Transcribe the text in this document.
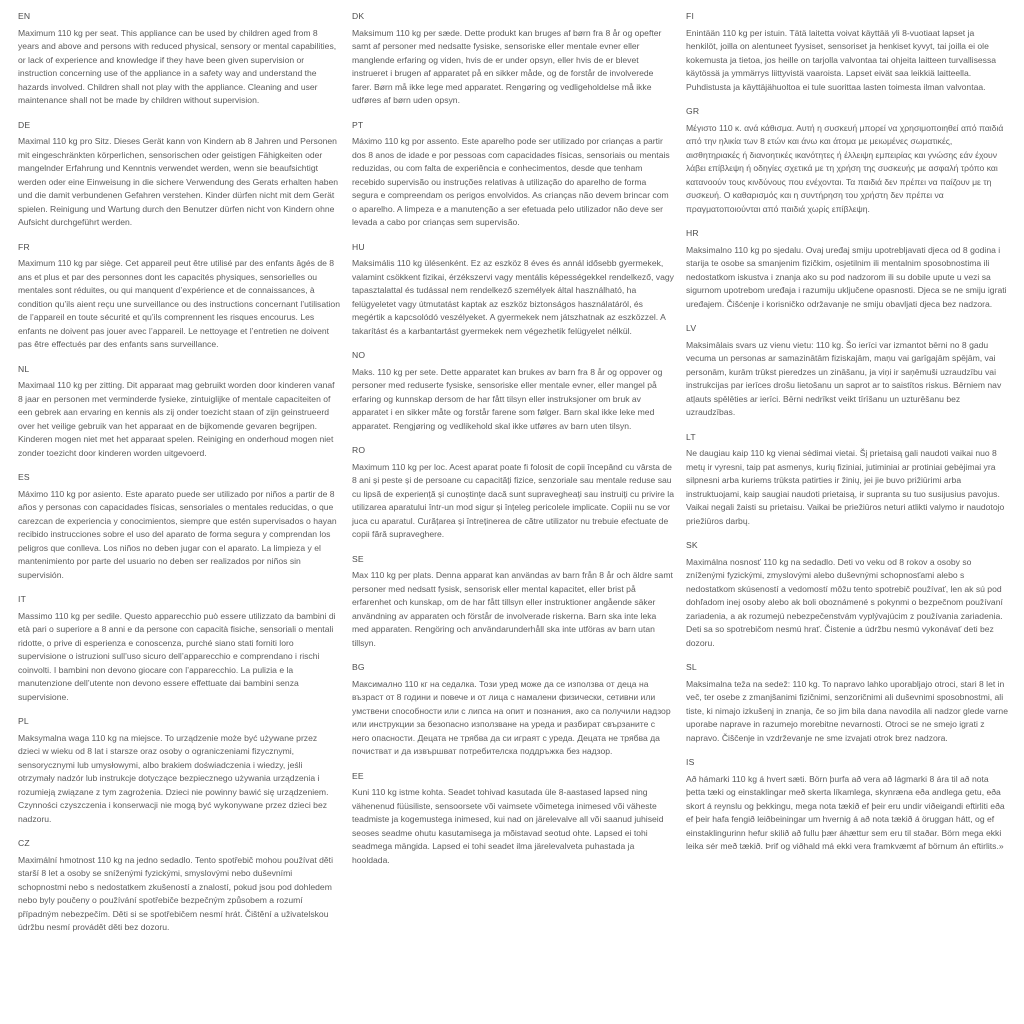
EN

Maximum 110 kg per seat. This appliance can be used by children aged from 8 years and above and persons with reduced physical, sensory or mental capabilities, or lack of experience and knowledge if they have been given supervision or instruction concerning use of the appliance in a safety way and understand the hazards involved. Children shall not play with the appliance. Cleaning and user maintenance shall not be made by children without supervision.

DE

Maximal 110 kg pro Sitz. Dieses Gerät kann von Kindern ab 8 Jahren und Personen mit eingeschränkten körperlichen, sensorischen oder geistigen Fähigkeiten oder mangelnder Erfahrung und Kenntnis verwendet werden, wenn sie beaufsichtigt werden oder eine Einweisung in die sichere Verwendung des Gerats erhalten haben und die damit verbundenen Gefahren verstehen. Kinder dürfen nicht mit dem Gerät spielen. Reinigung und Wartung durch den Benutzer dürfen nicht von Kindern ohne Aufsicht durchgeführt werden.

FR

Maximum 110 kg par siège. Cet appareil peut être utilisé par des enfants âgés de 8 ans et plus et par des personnes dont les capacités physiques, sensorielles ou mentales sont réduites, ou qui manquent d’expérience et de connaissances, à condition qu’ils aient reçu une surveillance ou des instructions concernant l’utilisation de l’appareil en toute sécurité et qu’ils comprennent les risques encourus. Les enfants ne doivent pas jouer avec l’appareil. Le nettoyage et l’entretien ne doivent pas être effectués par des enfants sans surveillance.

NL

Maximaal 110 kg per zitting. Dit apparaat mag gebruikt worden door kinderen vanaf 8 jaar en personen met verminderde fysieke, zintuiglijke of mentale capaciteiten of een gebrek aan ervaring en kennis als zij onder toezicht staan of zijn geinstrueerd over het veilige gebruik van het apparaat en de bijkomende gevaren begrijpen. Kinderen mogen niet met het apparaat spelen. Reiniging en onderhoud mogen niet zonder toezicht door kinderen worden uitgevoerd.

ES

Máximo 110 kg por asiento. Este aparato puede ser utilizado por niños a partir de 8 años y personas con capacidades físicas, sensoriales o mentales reducidas, o que carezcan de experiencia y conocimientos, siempre que estén supervisados o hayan recibido instrucciones sobre el uso del aparato de forma segura y comprendan los peligros que conlleva. Los niños no deben jugar con el aparato. La limpieza y el mantenimiento por parte del usuario no deben ser realizados por niños sin supervisión.

IT

Massimo 110 kg per sedile. Questo apparecchio può essere utilizzato da bambini di età pari o superiore a 8 anni e da persone con capacità fisiche, sensoriali o mentali ridotte, o prive di esperienza e conoscenza, purché siano stati forniti loro supervisione o istruzioni sull’uso sicuro dell’apparecchio e comprendano i rischi coinvolti. I bambini non devono giocare con l’apparecchio. La pulizia e la manutenzione dell’utente non devono essere effettuate dai bambini senza supervisione.

PL

Maksymalna waga 110 kg na miejsce. To urządzenie może być używane przez dzieci w wieku od 8 lat i starsze oraz osoby o ograniczeniami fizycznymi, sensorycznymi lub umysłowymi, albo brakiem doświadczenia i wiedzy, jeśli otrzymały nadzór lub instrukcje dotyczące bezpiecznego używania urządzenia i rozumieją związane z tym zagrożenia. Dzieci nie powinny bawić się urządzeniem. Czynności czyszczenia i konserwacji nie mogą być wykonywane przez dzieci bez nadzoru.

CZ

Maximální hmotnost 110 kg na jedno sedadlo. Tento spotřebič mohou používat děti starší 8 let a osoby se sníženými fyzickými, smyslovými nebo duševními schopnostmi nebo s nedostatkem zkušeností a znalostí, pokud jsou pod dohledem nebo byly poučeny o používání spotřebiče bezpečným způsobem a rozumí případným nebezpečím. Děti si se spotřebičem nesmí hrát. Čištění a uživatelskou údržbu nesmí provádět děti bez dozoru.

DK

Maksimum 110 kg per sæde. Dette produkt kan bruges af børn fra 8 år og opefter samt af personer med nedsatte fysiske, sensoriske eller mentale evner eller manglende erfaring og viden, hvis de er under opsyn, eller hvis de er blevet instrueret i brugen af apparatet på en sikker måde, og de forstår de involverede farer. Børn må ikke lege med apparatet. Rengøring og vedligeholdelse må ikke udføres af børn uden opsyn.

PT

Máximo 110 kg por assento. Este aparelho pode ser utilizado por crianças a partir dos 8 anos de idade e por pessoas com capacidades físicas, sensoriais ou mentais reduzidas, ou com falta de experiência e conhecimentos, desde que tenham recebido supervisão ou instruções relativas à utilização do aparelho de forma segura e compreendam os perigos envolvidos. As crianças não devem brincar com o aparelho. A limpeza e a manutenção a ser efetuada pelo utilizador não deve ser levada a cabo por crianças sem supervisão.

HU

Maksimális 110 kg ülésenként. Ez az eszköz 8 éves és annál idősebb gyermekek, valamint csökkent fizikai, érzékszervi vagy mentális képességekkel rendelkező, vagy tapasztalattal és tudással nem rendelkező személyek által használható, ha felügyeletet vagy útmutatást kaptak az eszköz biztonságos használatáról, és megértik a kapcsolódó veszélyeket. A gyermekek nem játszhatnak az eszközzel. A takarítást és a karbantartást gyermekek nem végezhetik felügyelet nélkül.

NO

Maks. 110 kg per sete. Dette apparatet kan brukes av barn fra 8 år og oppover og personer med reduserte fysiske, sensoriske eller mentale evner, eller mangel på erfaring og kunnskap dersom de har fått tilsyn eller instruksjoner om bruk av apparatet i en sikker måte og forstår farene som følger. Barn skal ikke leke med apparatet. Rengjøring og vedlikehold skal ikke utføres av barn uten tilsyn.

RO

Maximum 110 kg per loc. Acest aparat poate fi folosit de copii începând cu vârsta de 8 ani și peste și de persoane cu capacități fizice, senzoriale sau mentale reduse sau cu lipsă de experiență și cunoștințe dacă sunt supravegheați sau instruiți cu privire la utilizarea aparatului într-un mod sigur și înțeleg pericolele implicate. Copiii nu se vor juca cu aparatul. Curățarea și întreținerea de către utilizator nu trebuie efectuate de copii fără supraveghere.

SE

Max 110 kg per plats. Denna apparat kan användas av barn från 8 år och äldre samt personer med nedsatt fysisk, sensorisk eller mental kapacitet, eller brist på erfarenhet och kunskap, om de har fått tillsyn eller instruktioner angående säker användning av apparaten och förstår de involverade riskerna. Barn ska inte leka med apparaten. Rengöring och användarunderhåll ska inte utföras av barn utan tillsyn.

BG

Максимално 110 кг на седалка. Този уред може да се използва от деца на възраст от 8 години и повече и от лица с намалени физически, сетивни или умствени способности или с липса на опит и познания, ако са получили надзор или инструкции за безопасно използване на уреда и разбират свързаните с него опасности. Децата не трябва да си играят с уреда. Децата не трябва да почистват и да извършват потребителска поддръжка без надзор.

EE

Kuni 110 kg istme kohta. Seadet tohivad kasutada üle 8-aastased lapsed ning vähenenud füüsiliste, sensoorsete või vaimsete võimetega inimesed või väheste teadmiste ja kogemustega inimesed, kui nad on järelevalve all või saanud juhiseid seoses seadme ohutu kasutamisega ja mõistavad seotud ohte. Lapsed ei tohi seadmega mängida. Lapsed ei tohi seadet ilma järelevalveta puhastada ja hooldada.

FI

Enintään 110 kg per istuin. Tätä laitetta voivat käyttää yli 8-vuotiaat lapset ja henkilöt, joilla on alentuneet fyysiset, sensoriset ja henkiset kyvyt, tai joilla ei ole kokemusta ja tietoa, jos heille on tarjolla valvontaa tai ohjeita laitteen turvallisessa käytössä ja ymmärrys liittyvistä vaaroista. Lapset eivät saa leikkiä laitteella. Puhdistusta ja käyttäjähuoltoa ei tule suorittaa lasten toimesta ilman valvontaa.

GR

Μέγιστο 110 κ. ανά κάθισμα. Αυτή η συσκευή μπορεί να χρησιμοποιηθεί από παιδιά από την ηλικία των 8 ετών και άνω και άτομα με μειωμένες σωματικές, αισθητηριακές ή διανοητικές ικανότητες ή έλλειψη εμπειρίας και γνώσης εάν έχουν λάβει επίβλεψη ή οδηγίες σχετικά με τη χρήση της συσκευής με ασφαλή τρόπο και κατανοούν τους κινδύνους που ενέχονται. Τα παιδιά δεν πρέπει να παίζουν με τη συσκευή. Ο καθαρισμός και η συντήρηση του χρήστη δεν πρέπει να πραγματοποιούνται από παιδιά χωρίς επίβλεψη.

HR

Maksimalno 110 kg po sjedalu. Ovaj uređaj smiju upotrebljavati djeca od 8 godina i starija te osobe sa smanjenim fizičkim, osjetilnim ili mentalnim sposobnostima ili nedostatkom iskustva i znanja ako su pod nadzorom ili su dobile upute u vezi sa sigurnom upotrebom uređaja i razumiju uključene opasnosti. Djeca se ne smiju igrati uređajem. Čišćenje i korisničko održavanje ne smiju obavljati djeca bez nadzora.

LV

Maksimālais svars uz vienu vietu: 110 kg. Šo ierīci var izmantot bērni no 8 gadu vecuma un personas ar samazinātām fiziskajām, maņu vai garīgajām spējām, vai personām, kurām trūkst pieredzes un zināšanu, ja viņi ir saņēmuši uzraudzību vai instrukcijas par ierīces drošu lietošanu un saprot ar to saistītos riskus. Bērniem nav atļauts spēlēties ar ierīci. Bērni nedrīkst veikt tīrīšanu un uzturēšanu bez uzraudzības.

LT

Ne daugiau kaip 110 kg vienai sėdimai vietai. Šį prietaisą gali naudoti vaikai nuo 8 metų ir vyresni, taip pat asmenys, kurių fiziniai, jutiminiai ar protiniai gebėjimai yra silpnesni arba kuriems trūksta patirties ir žinių, jei jie buvo prižiūrimi arba instruktuojami, kaip saugiai naudoti prietaisą, ir supranta su tuo susijusius pavojus. Vaikai negali žaisti su prietaisu. Vaikai be priežiūros neturi atlikti valymo ir naudotojo priežiūros darbų.

SK

Maximálna nosnosť 110 kg na sedadlo. Deti vo veku od 8 rokov a osoby so zníženými fyzickými, zmyslovými alebo duševnými schopnosťami alebo s nedostatkom skúseností a vedomostí môžu tento spotrebič používať, len ak sú pod dohľadom inej osoby alebo ak boli oboznámené s pokynmi o bezpečnom používaní zariadenia, a ak rozumejú nebezpečenstvám vyplývajúcim z používania zariadenia. Deti sa so spotrebičom nesmú hrať. Čistenie a údržbu nesmú vykonávať deti bez dozoru.

SL

Maksimalna teža na sedež: 110 kg. To napravo lahko uporabljajo otroci, stari 8 let in več, ter osebe z zmanjšanimi fizičnimi, senzoričnimi ali duševnimi sposobnostmi, ali tiste, ki nimajo izkušenj in znanja, če so jim bila dana navodila ali nadzor glede varne uporabe naprave in razumejo morebitne nevarnosti. Otroci se ne smejo igrati z napravo. Čiščenje in vzdrževanje ne sme izvajati otrok brez nadzora.

IS

Að hámarki 110 kg á hvert sæti. Börn þurfa að vera að lágmarki 8 ára til að nota þetta tæki og einstaklingar með skerta líkamlega, skynræna eða andlega getu, eða skort á reynslu og þekkingu, mega nota tækið ef þeir eru undir viðeigandi eftirliti eða ef þeir hafa fengið leiðbeiningar um hvernig á að nota tækið á öruggan hátt, og ef einstaklingurinn hefur skilið að fullu þær áhættur sem eru til staðar. Börn mega ekki leika sér með tækið. Þrif og viðhald má ekki vera framkvæmt af börnum án eftirlits.»
